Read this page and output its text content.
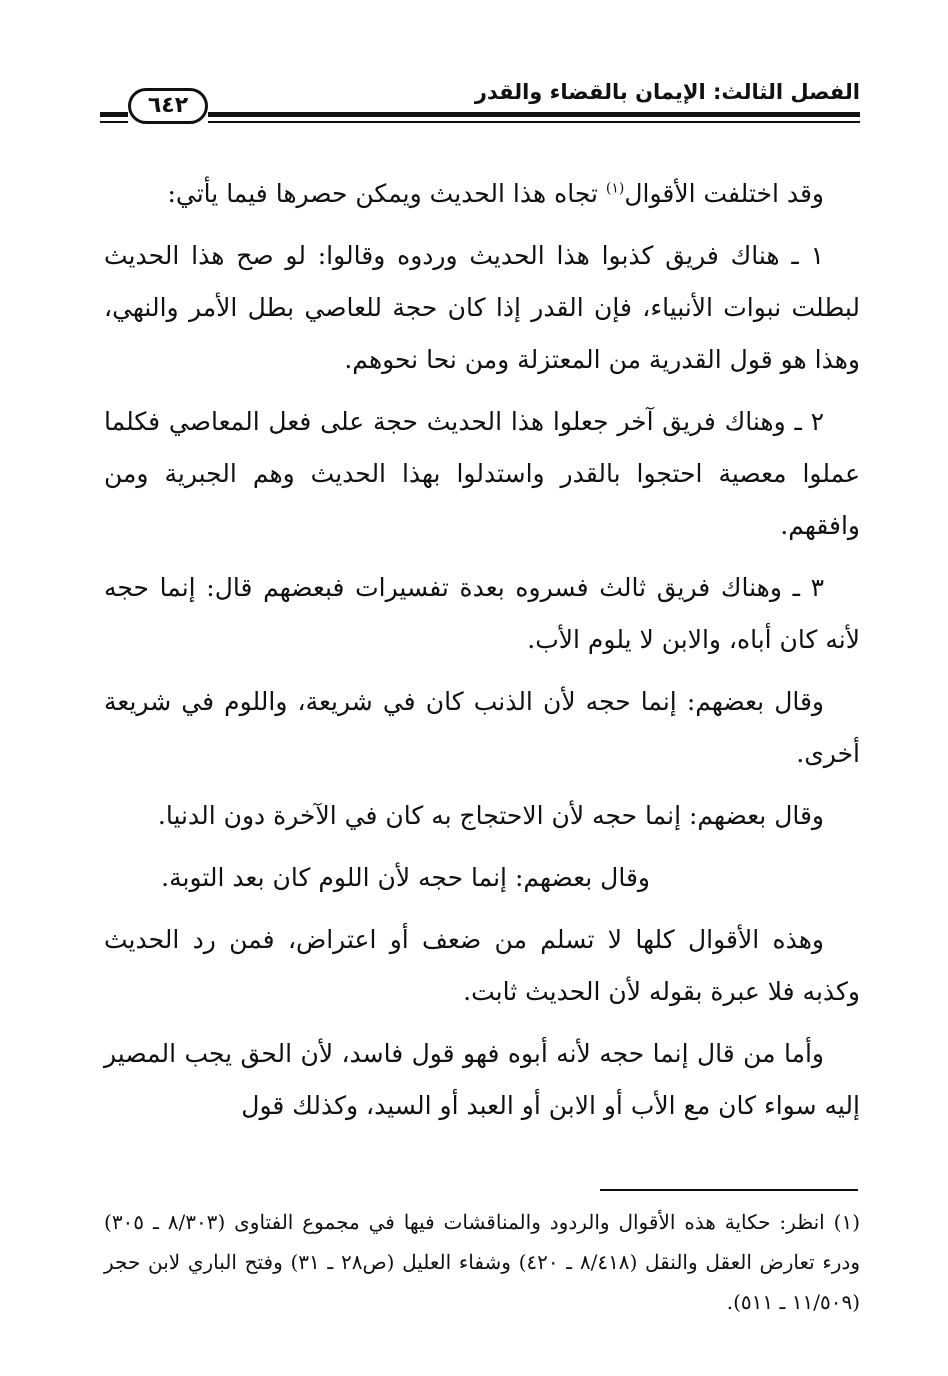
الفصل الثالث: الإيمان بالقضاء والقدر
٦٤٢

وقد اختلفت الأقوال$^{(١)}$ تجاه هذا الحديث ويمكن حصرها فيما يأتي:

١ ـ هناك فريق كذبوا هذا الحديث وردوه وقالوا: لو صح هذا الحديث لبطلت نبوات الأنبياء، فإن القدر إذا كان حجة للعاصي بطل الأمر والنهي، وهذا هو قول القدرية من المعتزلة ومن نحا نحوهم.

٢ ـ وهناك فريق آخر جعلوا هذا الحديث حجة على فعل المعاصي فكلما عملوا معصية احتجوا بالقدر واستدلوا بهذا الحديث وهم الجبرية ومن وافقهم.

٣ ـ وهناك فريق ثالث فسروه بعدة تفسيرات فبعضهم قال: إنما حجه لأنه كان أباه، والابن لا يلوم الأب.

وقال بعضهم: إنما حجه لأن الذنب كان في شريعة، واللوم في شريعة أخرى.

وقال بعضهم: إنما حجه لأن الاحتجاج به كان في الآخرة دون الدنيا.

وقال بعضهم: إنما حجه لأن اللوم كان بعد التوبة.

وهذه الأقوال كلها لا تسلم من ضعف أو اعتراض، فمن رد الحديث وكذبه فلا عبرة بقوله لأن الحديث ثابت.

وأما من قال إنما حجه لأنه أبوه فهو قول فاسد، لأن الحق يجب المصير إليه سواء كان مع الأب أو الابن أو العبد أو السيد، وكذلك قول

(١) انظر: حكاية هذه الأقوال والردود والمناقشات فيها في مجموع الفتاوى (٨/٣٠٣ ـ ٣٠٥) ودرء تعارض العقل والنقل (٨/٤١٨ ـ ٤٢٠) وشفاء العليل (ص٢٨ ـ ٣١) وفتح الباري لابن حجر (١١/٥٠٩ ـ ٥١١).
